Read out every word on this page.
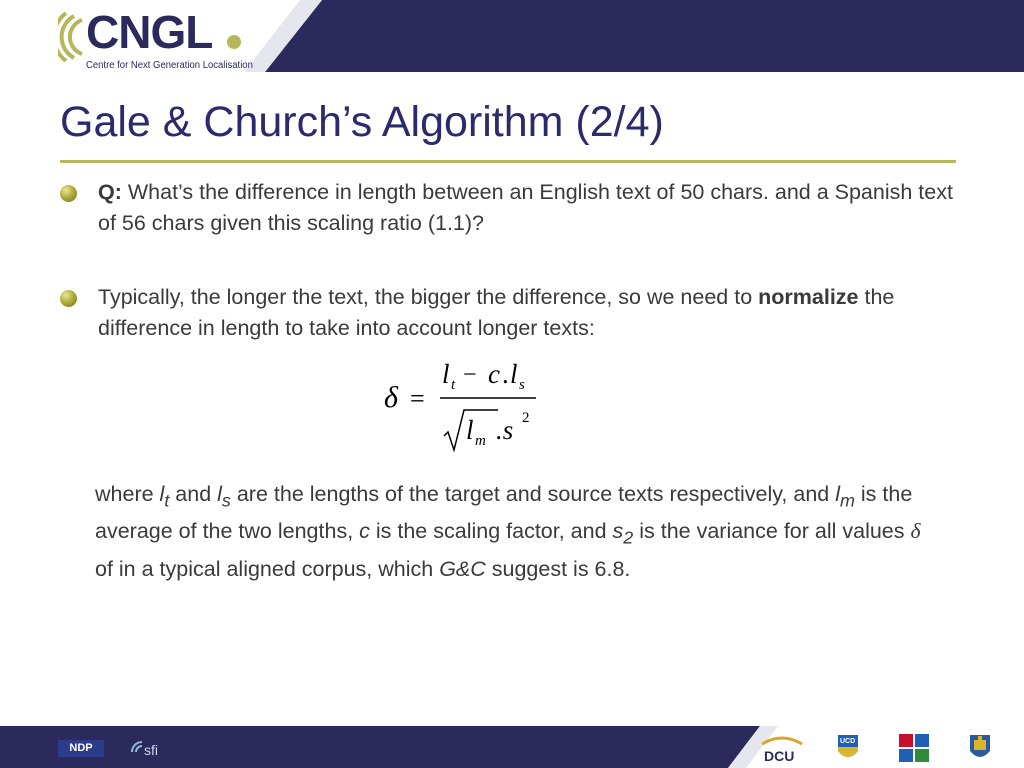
CNGL
Centre for Next Generation Localisation
Gale & Church’s Algorithm (2/4)
Q: What’s the difference in length between an English text of 50 chars. and a Spanish text of 56 chars given this scaling ratio (1.1)?
Typically, the longer the text, the bigger the difference, so we need to normalize the difference in length to take into account longer texts:
δ =
l t − c . l s
l m .s 2
where $l_t$ and $l_s$ are the lengths of the target and source texts respectively, and $l_m$ is the average of the two lengths, c is the scaling factor, and $s_2$ is the variance for all values δ of in a typical aligned corpus, which G&C suggest is 6.8.
NDP	sfi	DCU
UCD
